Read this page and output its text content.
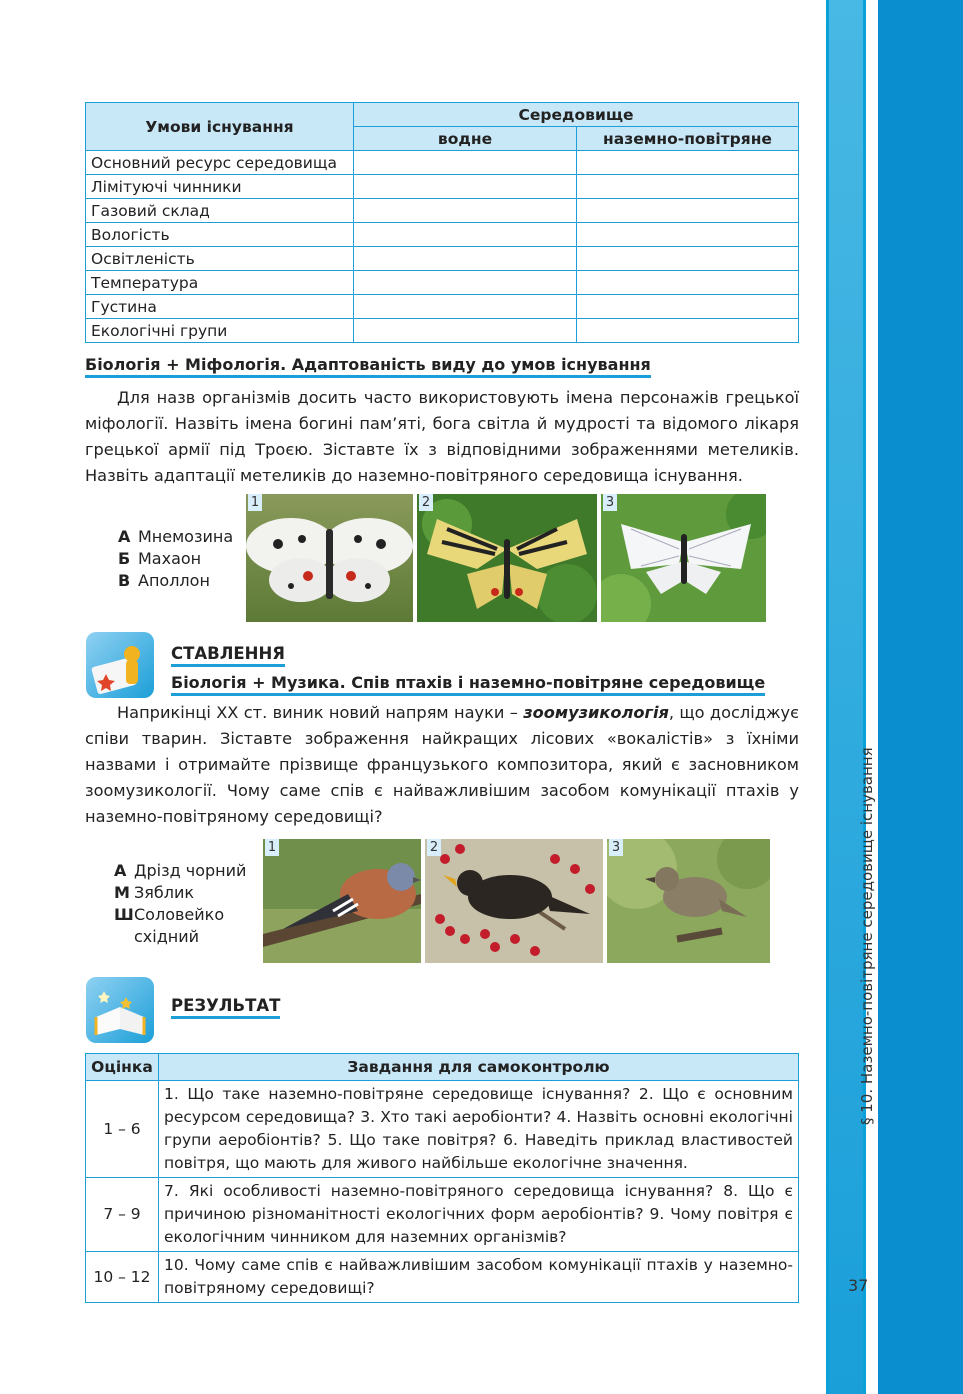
§ 10. Наземно-повітряне середовище існування
37
Умови існування	Середовище	
	водне	наземно-повітряне
Основний ресурс середовища		
Лімітуючі чинники		
Газовий склад		
Вологість		
Освітленість		
Температура		
Густина		
Екологічні групи		
Біологія + Міфологія. Адаптованість виду до умов існування
Для назв організмів досить часто використовують імена персонажів грецької міфології. Назвіть імена богині пам’яті, бога світла й мудрості та відомого лікаря грецької армії під Троєю. Зіставте їх з відповідними зображеннями метеликів. Назвіть адаптації метеликів до наземно-повітряного середовища існування.
А Мнемозина
Б Махаон
В Аполлон
1	2	3
СТАВЛЕННЯ
Біологія + Музика. Спів птахів і наземно-повітряне середовище
Наприкінці ХХ ст. виник новий напрям науки – зоомузикологія, що досліджує співи тварин. Зіставте зображення найкращих лісових «вокалістів» з їхніми назвами і отримайте прізвище французького композитора, який є засновником зоомузикології. Чому саме спів є найважливішим засобом комунікації птахів у наземно-повітряному середовищі?
А Дрізд чорний
М Зяблик
ШСоловейко
східний
1	2	3
РЕЗУЛЬТАТ
Оцінка	Завдання для самоконтролю
1 – 6	1. Що таке наземно-повітряне середовище існування? 2. Що є основним ресурсом середовища? 3. Хто такі аеробіонти? 4. Назвіть основні екологічні групи аеробіонтів? 5. Що таке повітря? 6. Наведіть приклад властивостей повітря, що мають для живого найбільше екологічне значення.
7 – 9	7. Які особливості наземно-повітряного середовища існування? 8. Що є причиною різноманітності екологічних форм аеробіонтів? 9. Чому повітря є екологічним чинником для наземних організмів?
10 – 12	10. Чому саме спів є найважливішим засобом комунікації птахів у наземно-повітряному середовищі?
